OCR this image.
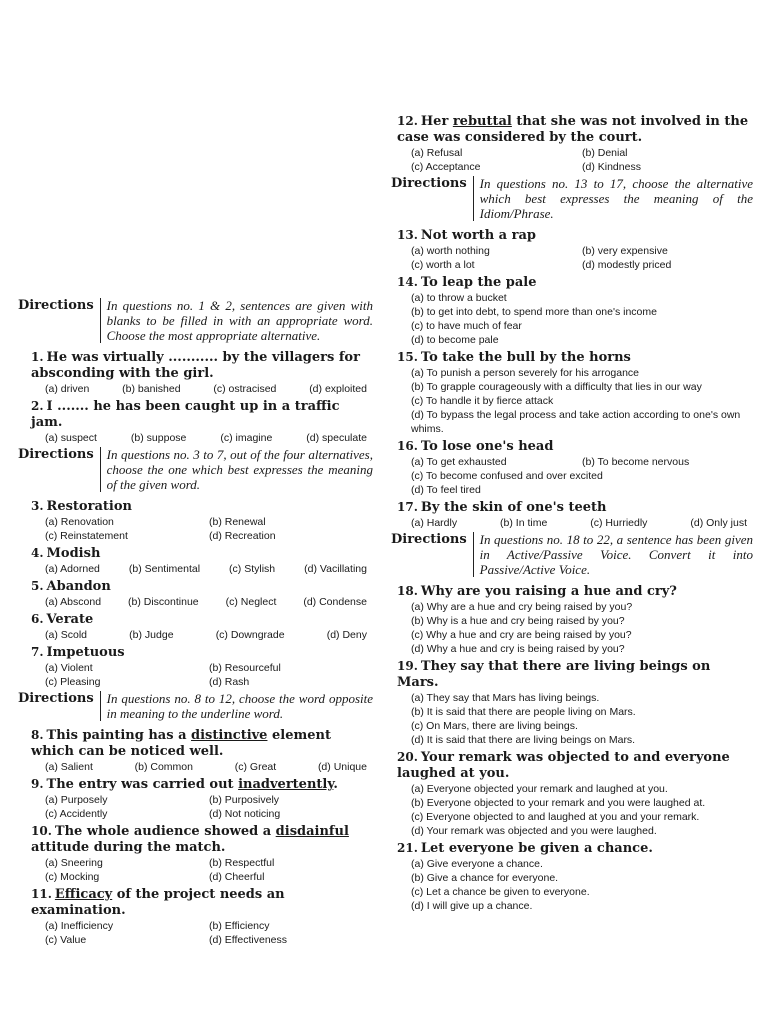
Directions	In questions no. 1 & 2, sentences are given with blanks to be filled in with an appropriate word. Choose the most appropriate alternative.
1. He was virtually ........... by the villagers for absconding with the girl.
(a) driven	(b) banished	(c) ostracised	(d) exploited
2. I ....... he has been caught up in a traffic jam.
(a) suspect	(b) suppose	(c) imagine	(d) speculate
Directions	In questions no. 3 to 7, out of the four alternatives, choose the one which best expresses the meaning of the given word.
3. Restoration
(a) Renovation	(b) Renewal
(c) Reinstatement	(d) Recreation
4. Modish
(a) Adorned	(b) Sentimental	(c) Stylish	(d) Vacillating
5. Abandon
(a) Abscond	(b) Discontinue	(c) Neglect	(d) Condense
6. Verate
(a) Scold	(b) Judge	(c) Downgrade	(d) Deny
7. Impetuous
(a) Violent	(b) Resourceful
(c) Pleasing	(d) Rash
Directions	In questions no. 8 to 12, choose the word opposite in meaning to the underline word.
8. This painting has a distinctive element which can be noticed well.
(a) Salient	(b) Common	(c) Great	(d) Unique
9. The entry was carried out inadvertently.
(a) Purposely	(b) Purposively
(c) Accidently	(d) Not noticing
10. The whole audience showed a disdainful attitude during the match.
(a) Sneering	(b) Respectful
(c) Mocking	(d) Cheerful
11. Efficacy of the project needs an examination.
(a) Inefficiency	(b) Efficiency
(c) Value	(d) Effectiveness
12. Her rebuttal that she was not involved in the case was considered by the court.
(a) Refusal	(b) Denial
(c) Acceptance	(d) Kindness
Directions	In questions no. 13 to 17, choose the alternative which best expresses the meaning of the Idiom/Phrase.
13. Not worth a rap
(a) worth nothing	(b) very expensive
(c) worth a lot	(d) modestly priced
14. To leap the pale
(a) to throw a bucket
(b) to get into debt, to spend more than one's income
(c) to have much of fear
(d) to become pale
15. To take the bull by the horns
(a) To punish a person severely for his arrogance
(b) To grapple courageously with a difficulty that lies in our way
(c) To handle it by fierce attack
(d) To bypass the legal process and take action according to one's own whims.
16. To lose one's head
(a) To get exhausted	(b) To become nervous
(c) To become confused and over excited
(d) To feel tired
17. By the skin of one's teeth
(a) Hardly	(b) In time	(c) Hurriedly	(d) Only just
Directions	In questions no. 18 to 22, a sentence has been given in Active/Passive Voice. Convert it into Passive/Active Voice.
18. Why are you raising a hue and cry?
(a) Why are a hue and cry being raised by you?
(b) Why is a hue and cry being raised by you?
(c) Why a hue and cry are being raised by you?
(d) Why a hue and cry is being raised by you?
19. They say that there are living beings on Mars.
(a) They say that Mars has living beings.
(b) It is said that there are people living on Mars.
(c) On Mars, there are living beings.
(d) It is said that there are living beings on Mars.
20. Your remark was objected to and everyone laughed at you.
(a) Everyone objected your remark and laughed at you.
(b) Everyone objected to your remark and you were laughed at.
(c) Everyone objected to and laughed at you and your remark.
(d) Your remark was objected and you were laughed.
21. Let everyone be given a chance.
(a) Give everyone a chance.
(b) Give a chance for everyone.
(c) Let a chance be given to everyone.
(d) I will give up a chance.
